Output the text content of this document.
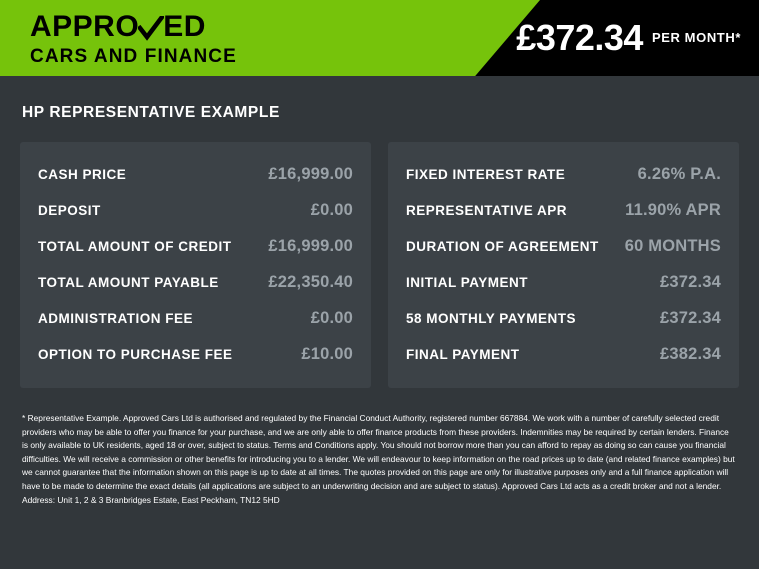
APPRO ED
CARS AND FINANCE	£372.34 PER MONTH*
HP REPRESENTATIVE EXAMPLE
CASH PRICE	£16,999.00
DEPOSIT	£0.00
TOTAL AMOUNT OF CREDIT £16,999.00
TOTAL AMOUNT PAYABLE	£22,350.40
ADMINISTRATION FEE	£0.00
OPTION TO PURCHASE FEE	£10.00
FIXED INTEREST RATE	6.26% P.A.
REPRESENTATIVE APR	11.90% APR
DURATION OF AGREEMENT 60 MONTHS
INITIAL PAYMENT	£372.34
58 MONTHLY PAYMENTS	£372.34
FINAL PAYMENT	£382.34
* Representative Example. Approved Cars Ltd is authorised and regulated by the Financial Conduct Authority, registered number 667884. We work with a number of carefully selected credit providers who may be able to offer you finance for your purchase, and we are only able to offer finance products from these providers. Indemnities may be required by certain lenders. Finance is only available to UK residents, aged 18 or over, subject to status. Terms and Conditions apply. You should not borrow more than you can afford to repay as doing so can cause you financial difficulties. We will receive a commission or other benefits for introducing you to a lender. We will endeavour to keep information on the road prices up to date (and related finance examples) but we cannot guarantee that the information shown on this page is up to date at all times. The quotes provided on this page are only for illustrative purposes only and a full finance application will have to be made to determine the exact details (all applications are subject to an underwriting decision and are subject to status). Approved Cars Ltd acts as a credit broker and not a lender. Address: Unit 1, 2 & 3 Branbridges Estate, East Peckham, TN12 5HD
